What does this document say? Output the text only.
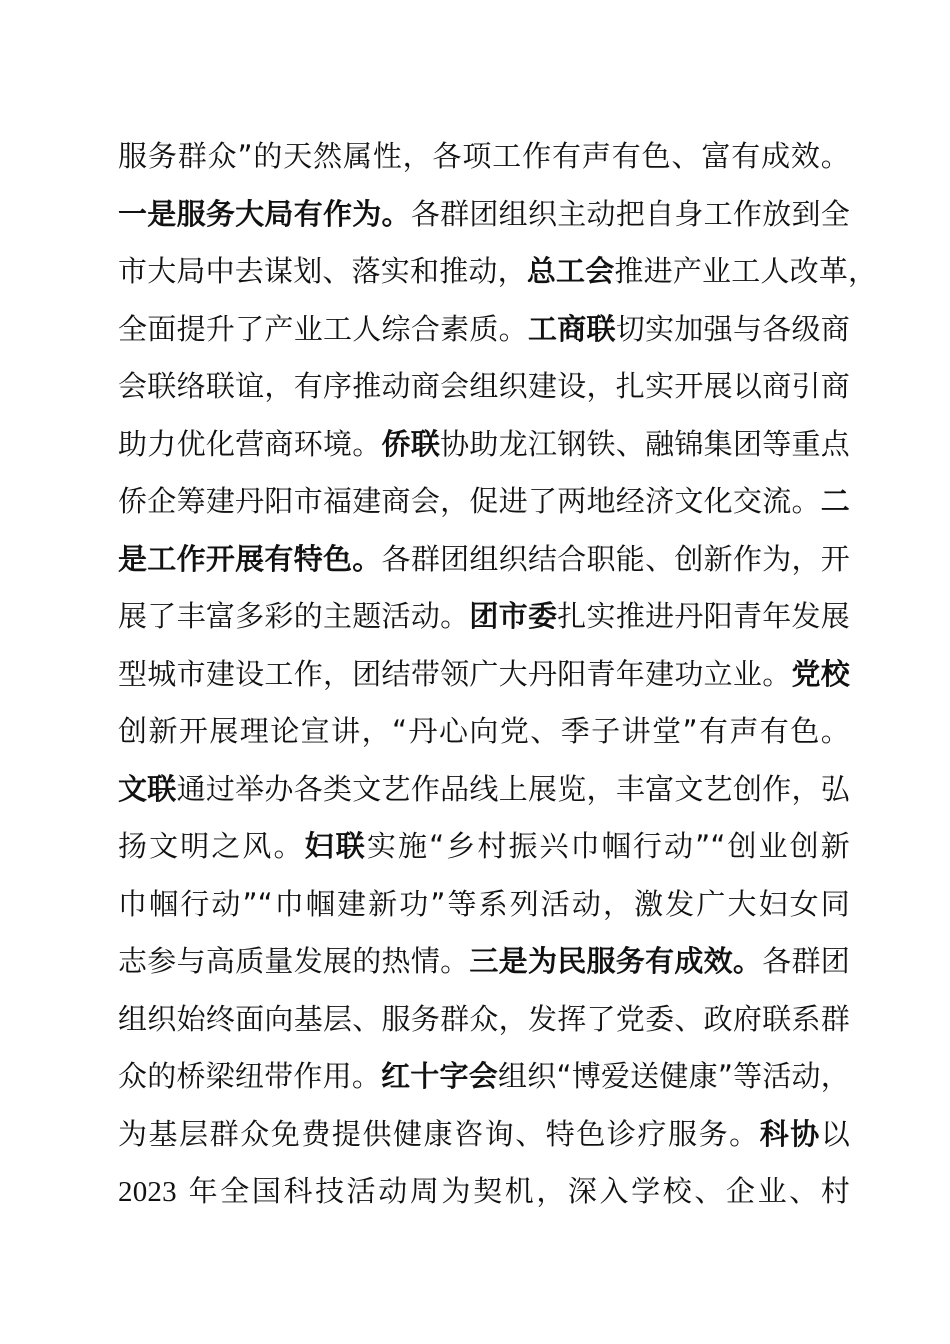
服务群众”的天然属性，各项工作有声有色、富有成效。
一是服务大局有作为。各群团组织主动把自身工作放到全
市大局中去谋划、落实和推动，总工会推进产业工人改革，
全面提升了产业工人综合素质。工商联切实加强与各级商
会联络联谊，有序推动商会组织建设，扎实开展以商引商
助力优化营商环境。侨联协助龙江钢铁、融锦集团等重点
侨企筹建丹阳市福建商会，促进了两地经济文化交流。二
是工作开展有特色。各群团组织结合职能、创新作为，开
展了丰富多彩的主题活动。团市委扎实推进丹阳青年发展
型城市建设工作，团结带领广大丹阳青年建功立业。党校
创新开展理论宣讲，“丹心向党、季子讲堂”有声有色。
文联通过举办各类文艺作品线上展览，丰富文艺创作，弘
扬文明之风。妇联实施“乡村振兴巾帼行动”“创业创新
巾帼行动”“巾帼建新功”等系列活动，激发广大妇女同
志参与高质量发展的热情。三是为民服务有成效。各群团
组织始终面向基层、服务群众，发挥了党委、政府联系群
众的桥梁纽带作用。红十字会组织“博爱送健康”等活动，
为基层群众免费提供健康咨询、特色诊疗服务。科协以
2023 年全国科技活动周为契机，深入学校、企业、村
